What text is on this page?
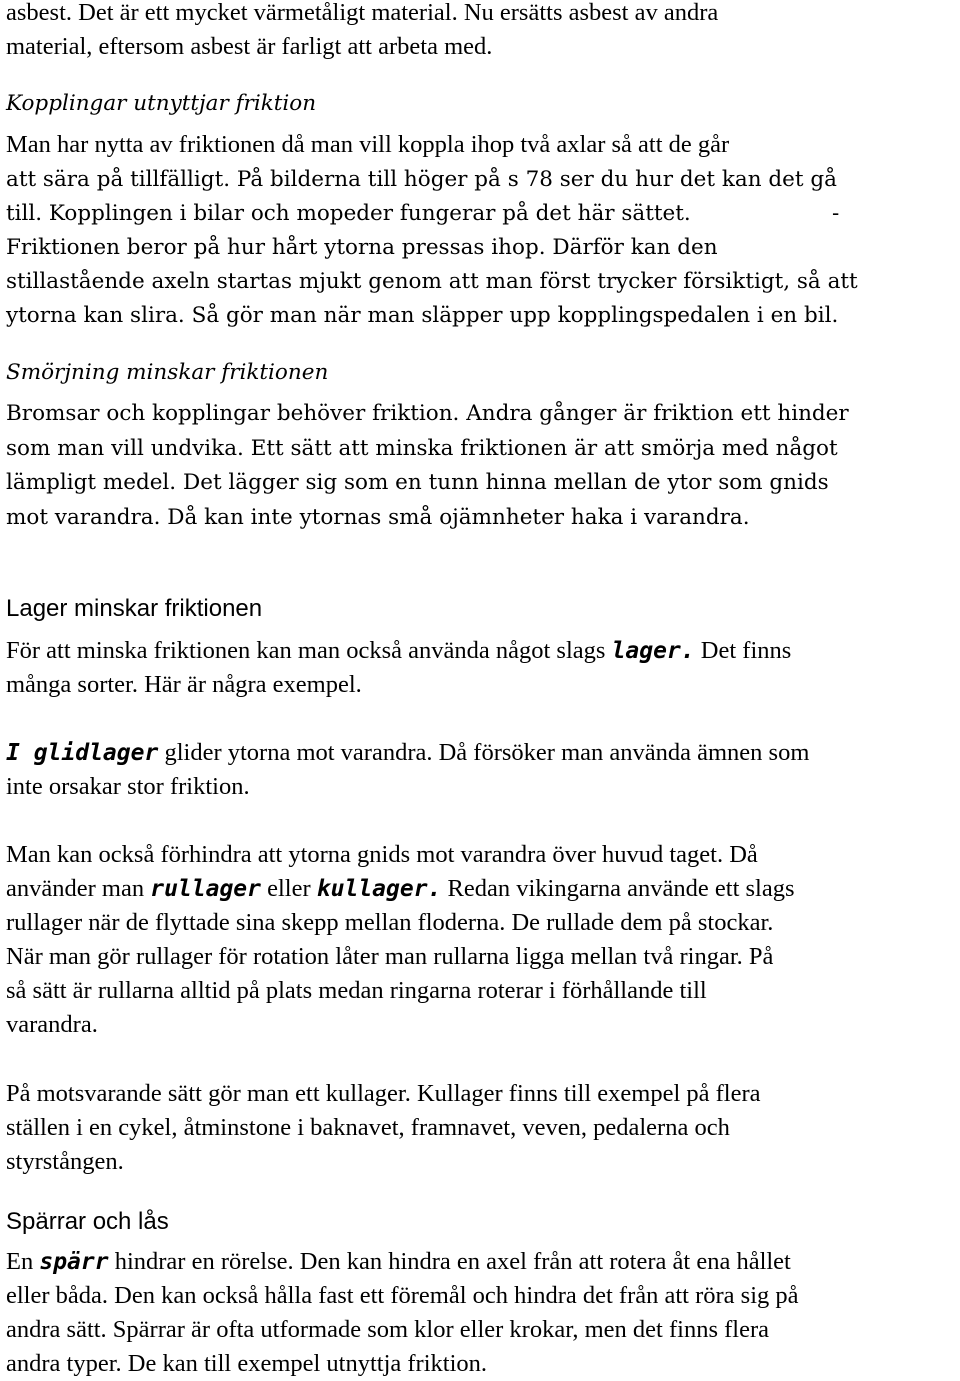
asbest. Det är ett mycket värmetåligt material. Nu ersätts asbest av andra
material, eftersom asbest är farligt att arbeta med.
Kopplingar utnyttjar friktion
Man har nytta av friktionen då man vill koppla ihop två axlar så att de går
att sära på tillfälligt. På bilderna till höger på s 78 ser du hur det kan det gå
till. Kopplingen i bilar och mopeder fungerar på det här sättet.	-
Friktionen beror på hur hårt ytorna pressas ihop. Därför kan den
stillastående axeln startas mjukt genom att man först trycker försiktigt, så att
ytorna kan slira. Så gör man när man släpper upp kopplingspedalen i en bil.
Smörjning minskar friktionen
Bromsar och kopplingar behöver friktion. Andra gånger är friktion ett hinder
som man vill undvika. Ett sätt att minska friktionen är att smörja med något
lämpligt medel. Det lägger sig som en tunn hinna mellan de ytor som gnids
mot varandra. Då kan inte ytornas små ojämnheter haka i varandra.
Lager minskar friktionen
För att minska friktionen kan man också använda något slags lager. Det finns
många sorter. Här är några exempel.
I glidlager glider ytorna mot varandra. Då försöker man använda ämnen som
inte orsakar stor friktion.
Man kan också förhindra att ytorna gnids mot varandra över huvud taget. Då
använder man rullager eller kullager. Redan vikingarna använde ett slags
rullager när de flyttade sina skepp mellan floderna. De rullade dem på stockar.
När man gör rullager för rotation låter man rullarna ligga mellan två ringar. På
så sätt är rullarna alltid på plats medan ringarna roterar i förhållande till
varandra.
På motsvarande sätt gör man ett kullager. Kullager finns till exempel på flera
ställen i en cykel, åtminstone i baknavet, framnavet, veven, pedalerna och
styrstången.
Spärrar och lås
En spärr hindrar en rörelse. Den kan hindra en axel från att rotera åt ena hållet
eller båda. Den kan också hålla fast ett föremål och hindra det från att röra sig på
andra sätt. Spärrar är ofta utformade som klor eller krokar, men det finns flera
andra typer. De kan till exempel utnyttja friktion.
